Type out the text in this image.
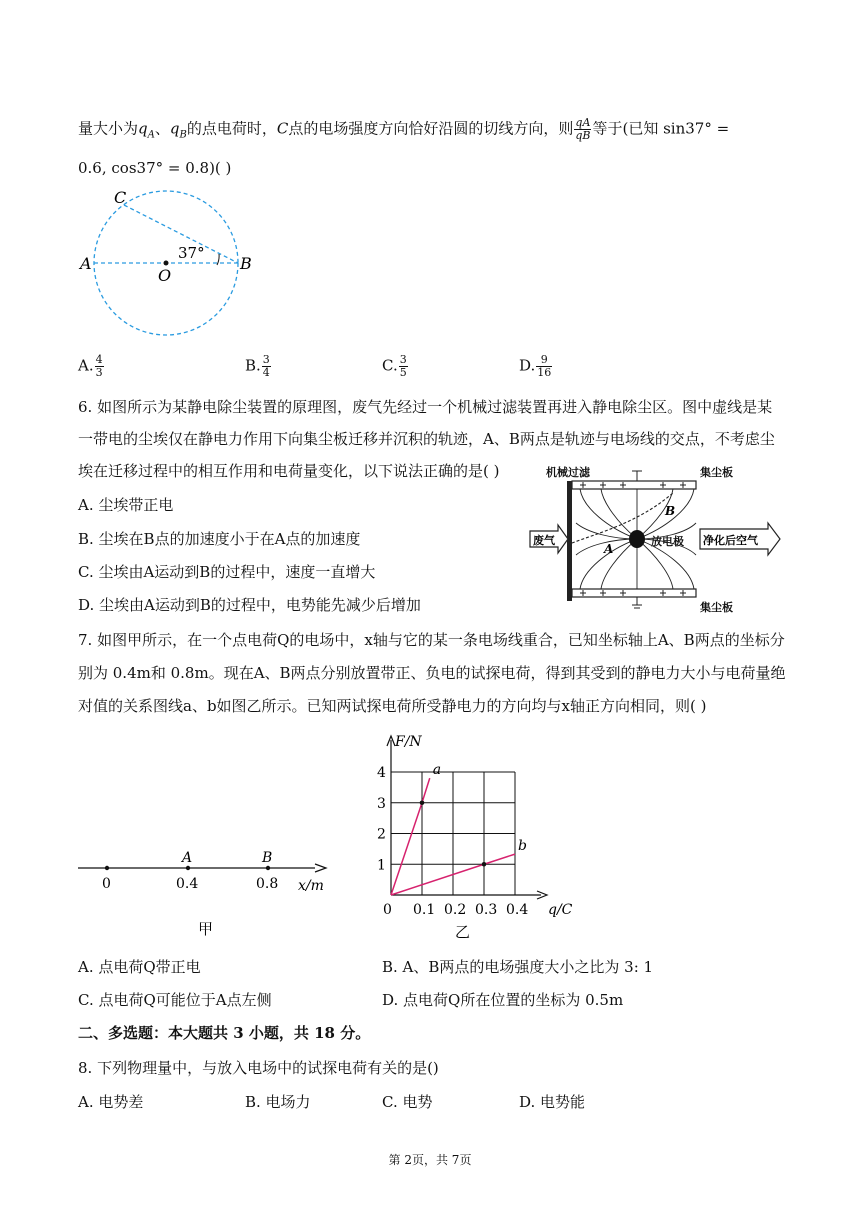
量大小为$q_A$、$q_B$的点电荷时，C点的电场强度方向恰好沿圆的切线方向，则 $\frac{qA}{qB}$ 等于(已知 sin37° =
0.6, cos37° = 0.8)( )
C
A
O
B
37°
A. $\frac{4}{3}$	B. $\frac{3}{4}$	C. $\frac{3}{5}$	D. $\frac{9}{16}$
6. 如图所示为某静电除尘装置的原理图，废气先经过一个机械过滤装置再进入静电除尘区。图中虚线是某
一带电的尘埃仅在静电力作用下向集尘板迁移并沉积的轨迹，A、B两点是轨迹与电场线的交点，不考虑尘
埃在迁移过程中的相互作用和电荷量变化，以下说法正确的是( )
A. 尘埃带正电
B. 尘埃在B点的加速度小于在A点的加速度
C. 尘埃由A运动到B的过程中，速度一直增大
D. 尘埃由A运动到B的过程中，电势能先减少后增加
机械过滤	集尘板
集尘板
放电极
A
B
废气	净化后空气
7. 如图甲所示，在一个点电荷Q的电场中，x轴与它的某一条电场线重合，已知坐标轴上A、B两点的坐标分
别为 0.4m和 0.8m。现在A、B两点分别放置带正、负电的试探电荷，得到其受到的静电力大小与电荷量绝
对值的关系图线a、b如图乙所示。已知两试探电荷所受静电力的方向均与x轴正方向相同，则( )
0	0.4	0.8
A	B
x/m
甲
0 0.1 0.2 0.3 0.4
1
2
3
4
F/N
q/C
乙
a
b
A. 点电荷Q带正电	B. A、B两点的电场强度大小之比为 3: 1
C. 点电荷Q可能位于A点左侧	D. 点电荷Q所在位置的坐标为 0.5m
二、多选题：本大题共 3 小题，共 18 分。
8. 下列物理量中，与放入电场中的试探电荷有关的是()
A. 电势差	B. 电场力	C. 电势	D. 电势能
第 2页，共 7页
